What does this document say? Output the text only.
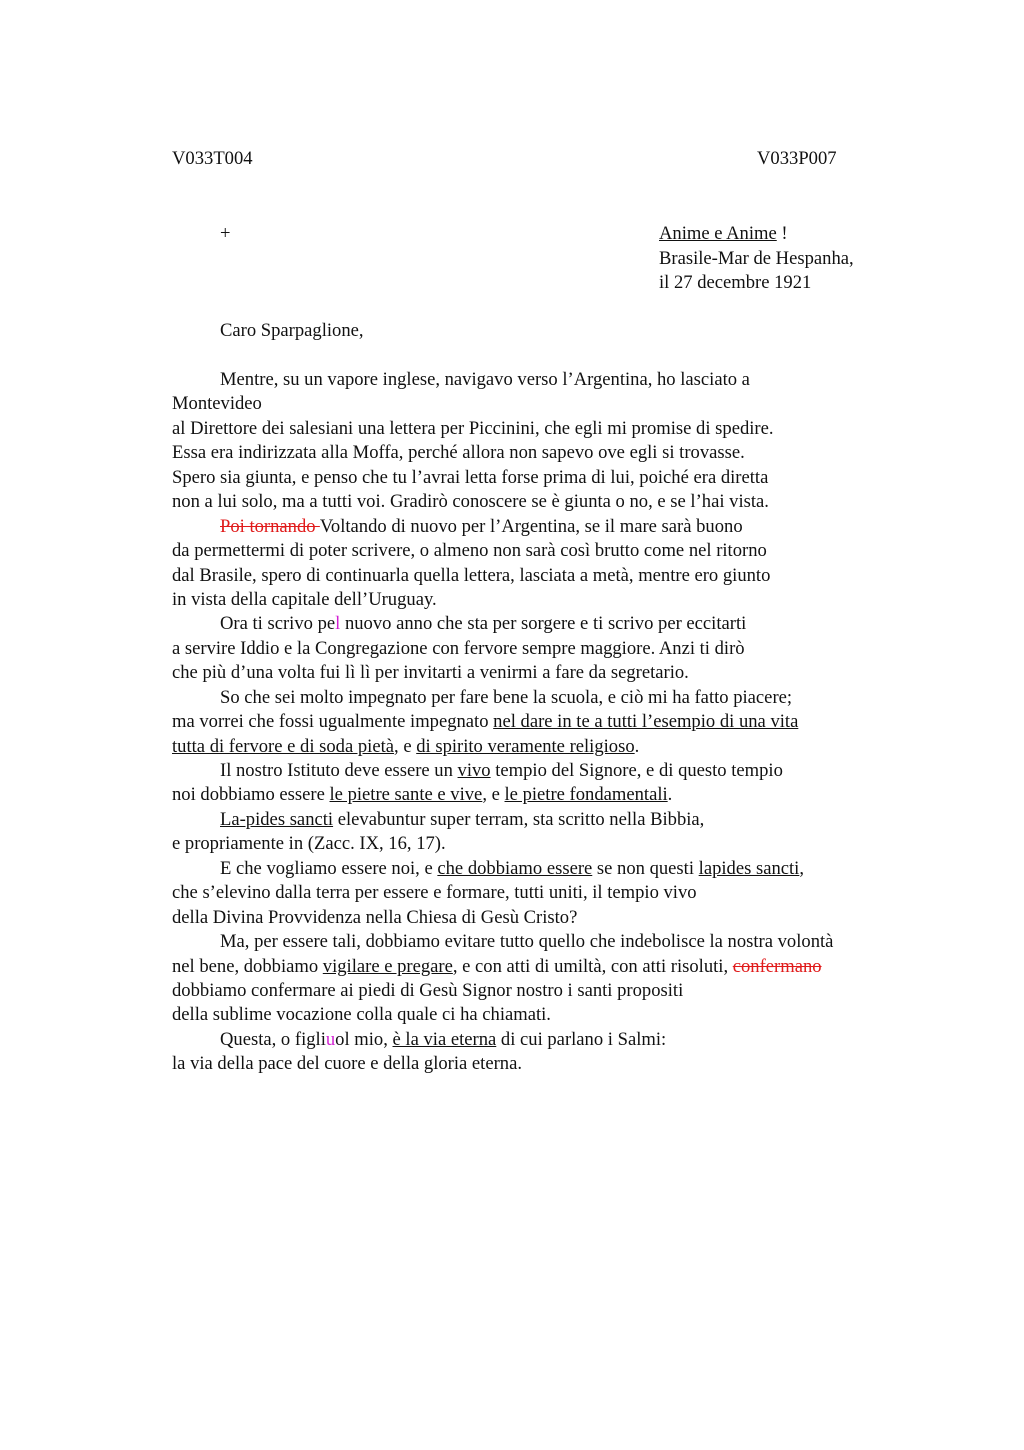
V033T004	V033P007
+	Anime e Anime !
Brasile-Mar de Hespanha,
il 27 decembre 1921
Caro Sparpaglione,
Mentre, su un vapore inglese, navigavo verso l’Argentina, ho lasciato a
Montevideo
al Direttore dei salesiani una lettera per Piccinini, che egli mi promise di spedire.
Essa era indirizzata alla Moffa, perché allora non sapevo ove egli si trovasse.
Spero sia giunta, e penso che tu l’avrai letta forse prima di lui, poiché era diretta
non a lui solo, ma a tutti voi. Gradirò conoscere se è giunta o no, e se l’hai vista.
Poi tornando Voltando di nuovo per l’Argentina, se il mare sarà buono
da permettermi di poter scrivere, o almeno non sarà così brutto come nel ritorno
dal Brasile, spero di continuarla quella lettera, lasciata a metà, mentre ero giunto
in vista della capitale dell’Uruguay.
Ora ti scrivo pel nuovo anno che sta per sorgere e ti scrivo per eccitarti
a servire Iddio e la Congregazione con fervore sempre maggiore. Anzi ti dirò
che più d’una volta fui lì lì per invitarti a venirmi a fare da segretario.
So che sei molto impegnato per fare bene la scuola, e ciò mi ha fatto piacere;
ma vorrei che fossi ugualmente impegnato nel dare in te a tutti l’esempio di una vita
tutta di fervore e di soda pietà, e di spirito veramente religioso.
Il nostro Istituto deve essere un vivo tempio del Signore, e di questo tempio
noi dobbiamo essere le pietre sante e vive, e le pietre fondamentali.
La-pides sancti elevabuntur super terram, sta scritto nella Bibbia,
e propriamente in (Zacc. IX, 16, 17).
E che vogliamo essere noi, e che dobbiamo essere se non questi lapides sancti,
che s’elevino dalla terra per essere e formare, tutti uniti, il tempio vivo
della Divina Provvidenza nella Chiesa di Gesù Cristo?
Ma, per essere tali, dobbiamo evitare tutto quello che indebolisce la nostra volontà
nel bene, dobbiamo vigilare e pregare, e con atti di umiltà, con atti risoluti, confermano
dobbiamo confermare ai piedi di Gesù Signor nostro i santi propositi
della sublime vocazione colla quale ci ha chiamati.
Questa, o figliuol mio, è la via eterna di cui parlano i Salmi:
la via della pace del cuore e della gloria eterna.
